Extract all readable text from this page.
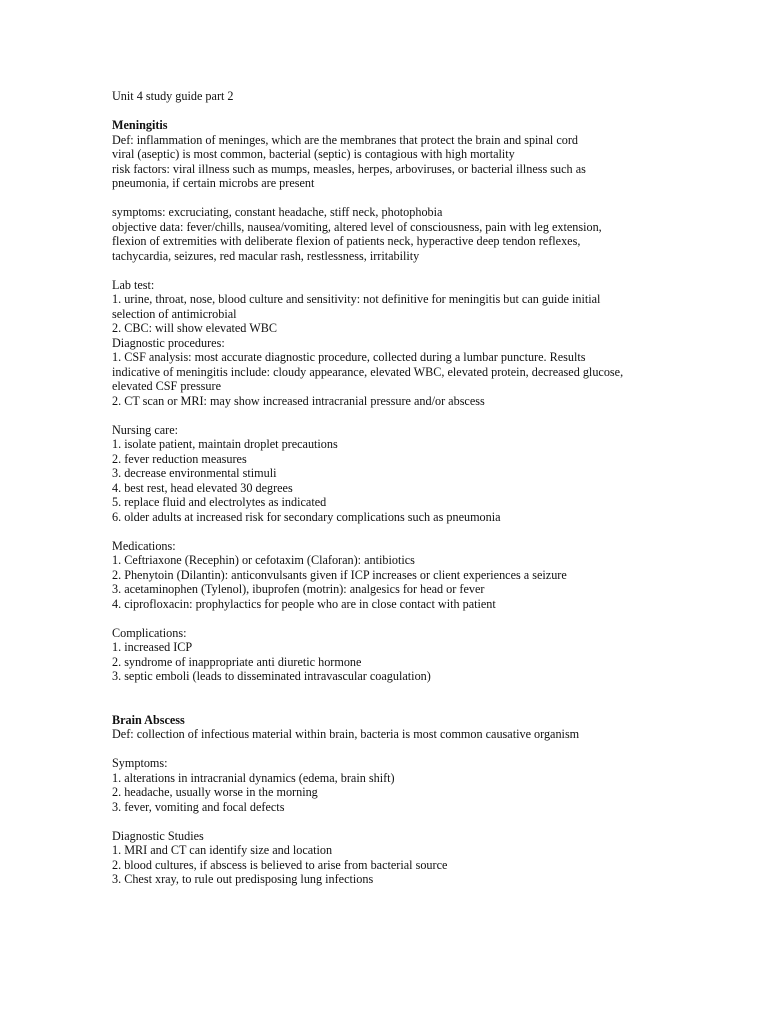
Unit 4 study guide part 2
Meningitis
Def: inflammation of meninges, which are the membranes that protect the brain and spinal cord
viral (aseptic) is most common, bacterial (septic) is contagious with high mortality
risk factors: viral illness such as mumps, measles, herpes, arboviruses, or bacterial illness such as
pneumonia, if certain microbs are present
symptoms: excruciating, constant headache, stiff neck, photophobia
objective data: fever/chills, nausea/vomiting, altered level of consciousness, pain with leg extension,
flexion of extremities with deliberate flexion of patients neck, hyperactive deep tendon reflexes,
tachycardia, seizures, red macular rash, restlessness, irritability
Lab test:
1. urine, throat, nose, blood culture and sensitivity: not definitive for meningitis but can guide initial
selection of antimicrobial
2. CBC: will show elevated WBC
Diagnostic procedures:
1. CSF analysis: most accurate diagnostic procedure, collected during a lumbar puncture. Results
indicative of meningitis include: cloudy appearance, elevated WBC, elevated protein, decreased glucose,
elevated CSF pressure
2. CT scan or MRI: may show increased intracranial pressure and/or abscess
Nursing care:
1. isolate patient, maintain droplet precautions
2. fever reduction measures
3. decrease environmental stimuli
4. best rest, head elevated 30 degrees
5. replace fluid and electrolytes as indicated
6. older adults at increased risk for secondary complications such as pneumonia
Medications:
1. Ceftriaxone (Recephin) or cefotaxim (Claforan): antibiotics
2. Phenytoin (Dilantin): anticonvulsants given if ICP increases or client experiences a seizure
3. acetaminophen (Tylenol), ibuprofen (motrin): analgesics for head or fever
4. ciprofloxacin: prophylactics for people who are in close contact with patient
Complications:
1. increased ICP
2. syndrome of inappropriate anti diuretic hormone
3. septic emboli (leads to disseminated intravascular coagulation)
Brain Abscess
Def: collection of infectious material within brain, bacteria is most common causative organism
Symptoms:
1. alterations in intracranial dynamics (edema, brain shift)
2. headache, usually worse in the morning
3. fever, vomiting and focal defects
Diagnostic Studies
1. MRI and CT can identify size and location
2. blood cultures, if abscess is believed to arise from bacterial source
3. Chest xray, to rule out predisposing lung infections
